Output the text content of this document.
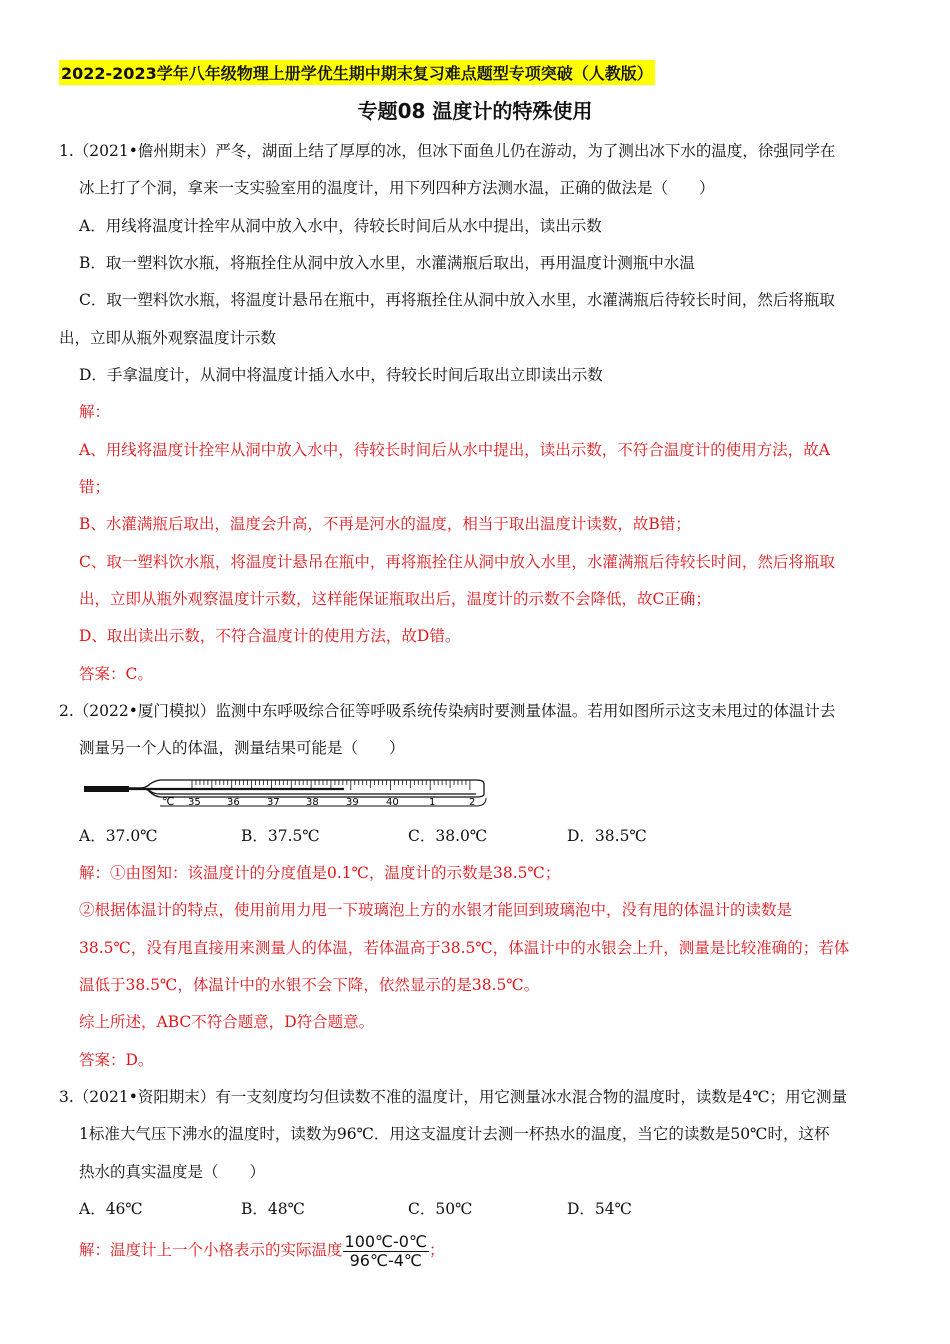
2022-2023学年八年级物理上册学优生期中期末复习难点题型专项突破（人教版）
专题08 温度计的特殊使用
1.（2021•儋州期末）严冬，湖面上结了厚厚的冰，但冰下面鱼儿仍在游动，为了测出冰下水的温度，徐强同学在
冰上打了个洞，拿来一支实验室用的温度计，用下列四种方法测水温，正确的做法是（　　）
A．用线将温度计拴牢从洞中放入水中，待较长时间后从水中提出，读出示数
B．取一塑料饮水瓶，将瓶拴住从洞中放入水里，水灌满瓶后取出，再用温度计测瓶中水温
C．取一塑料饮水瓶，将温度计悬吊在瓶中，再将瓶拴住从洞中放入水里，水灌满瓶后待较长时间，然后将瓶取
出，立即从瓶外观察温度计示数
D．手拿温度计，从洞中将温度计插入水中，待较长时间后取出立即读出示数
解：
A、用线将温度计拴牢从洞中放入水中，待较长时间后从水中提出，读出示数，不符合温度计的使用方法，故A
错；
B、水灌满瓶后取出，温度会升高，不再是河水的温度，相当于取出温度计读数，故B错；
C、取一塑料饮水瓶，将温度计悬吊在瓶中，再将瓶拴住从洞中放入水里，水灌满瓶后待较长时间，然后将瓶取
出，立即从瓶外观察温度计示数，这样能保证瓶取出后，温度计的示数不会降低，故C正确；
D、取出读出示数，不符合温度计的使用方法，故D错。
答案：C。
2.（2022•厦门模拟）监测中东呼吸综合征等呼吸系统传染病时要测量体温。若用如图所示这支未甩过的体温计去
测量另一个人的体温，测量结果可能是（　　）
℃ 35	36	37	38	39	40	1	2
A．37.0℃	B．37.5℃	C．38.0℃	D．38.5℃
解：①由图知：该温度计的分度值是0.1℃，温度计的示数是38.5℃；
②根据体温计的特点，使用前用力甩一下玻璃泡上方的水银才能回到玻璃泡中，没有甩的体温计的读数是
38.5℃，没有甩直接用来测量人的体温，若体温高于38.5℃，体温计中的水银会上升，测量是比较准确的；若体
温低于38.5℃，体温计中的水银不会下降，依然显示的是38.5℃。
综上所述，ABC不符合题意，D符合题意。
答案：D。
3.（2021•资阳期末）有一支刻度均匀但读数不准的温度计，用它测量冰水混合物的温度时，读数是4℃；用它测量
1标准大气压下沸水的温度时，读数为96℃．用这支温度计去测一杯热水的温度，当它的读数是50℃时，这杯
热水的真实温度是（　　）
A．46℃	B．48℃	C．50℃	D．54℃
解：温度计上一个小格表示的实际温度 $\frac{100℃-0℃}{96℃-4℃}$ ；
